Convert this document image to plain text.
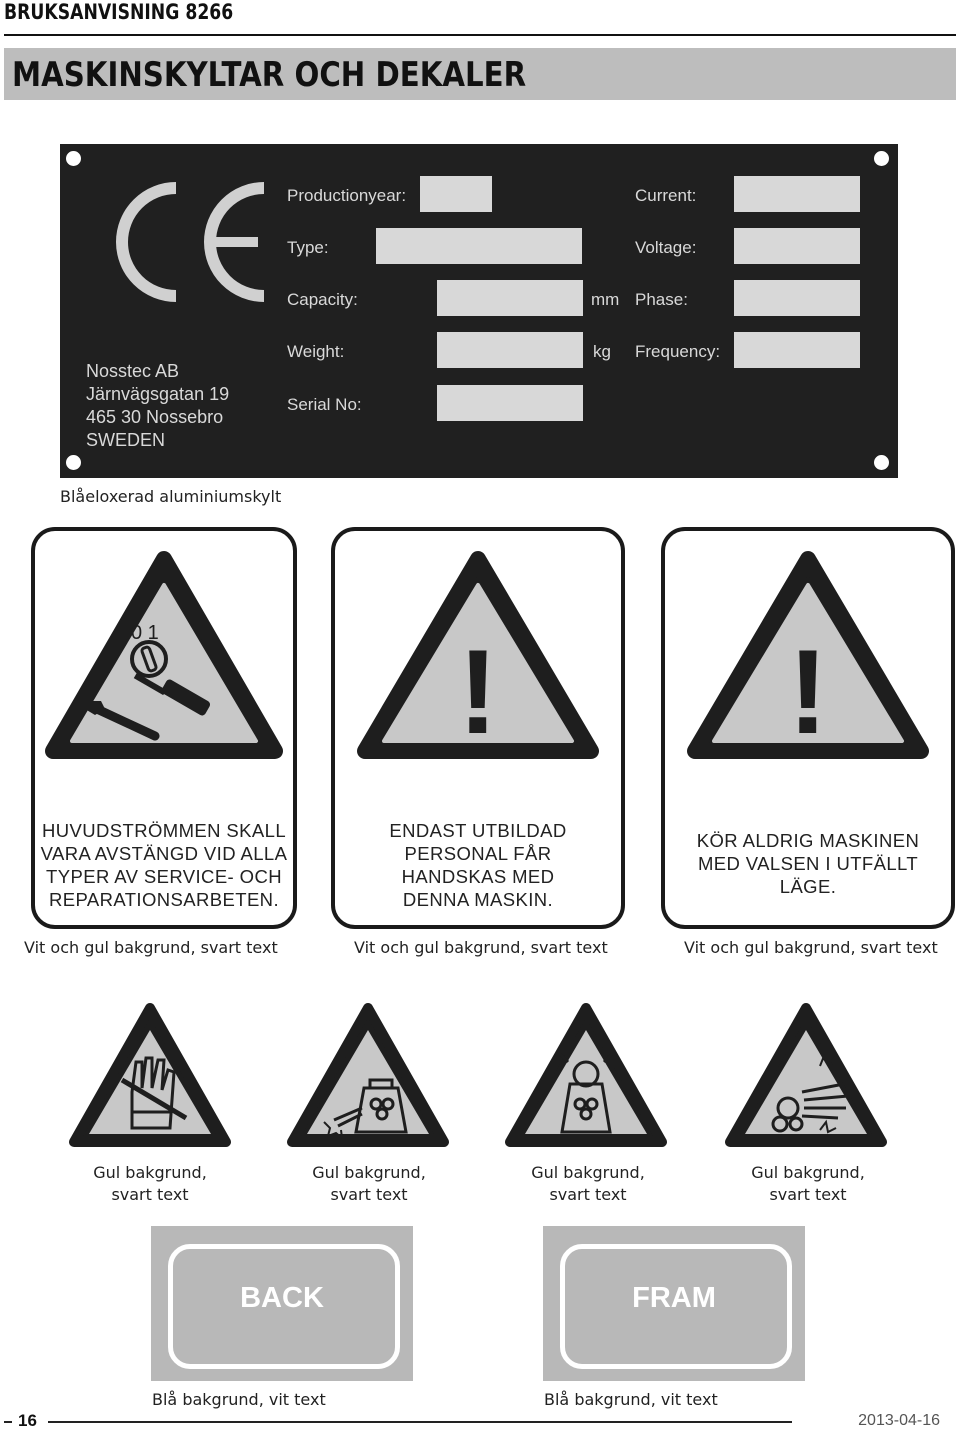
BRUKSANVISNING 8266
MASKINSKYLTAR OCH DEKALER
Productionyear:
Type:
Capacity:	mm
Weight:	kg
Serial No:
Current:
Voltage:
Phase:
Frequency:
Nosstec AB
Järnvägsgatan 19
465 30 Nossebro
SWEDEN
Blåeloxerad aluminiumskylt
0 1
HUVUDSTRÖMMEN SKALL
VARA AVSTÄNGD VID ALLA
TYPER AV SERVICE- OCH
REPARATIONSARBETEN.
Vit och gul bakgrund, svart text
!
ENDAST UTBILDAD
PERSONAL FÅR
HANDSKAS MED
DENNA MASKIN.
Vit och gul bakgrund, svart text
!
KÖR ALDRIG MASKINEN
MED VALSEN I UTFÄLLT
LÄGE.
Vit och gul bakgrund, svart text
Gul bakgrund,
svart text
Gul bakgrund,
svart text
Gul bakgrund,
svart text
Gul bakgrund,
svart text
BACK
Blå bakgrund, vit text
FRAM
Blå bakgrund, vit text
16	2013-04-16
